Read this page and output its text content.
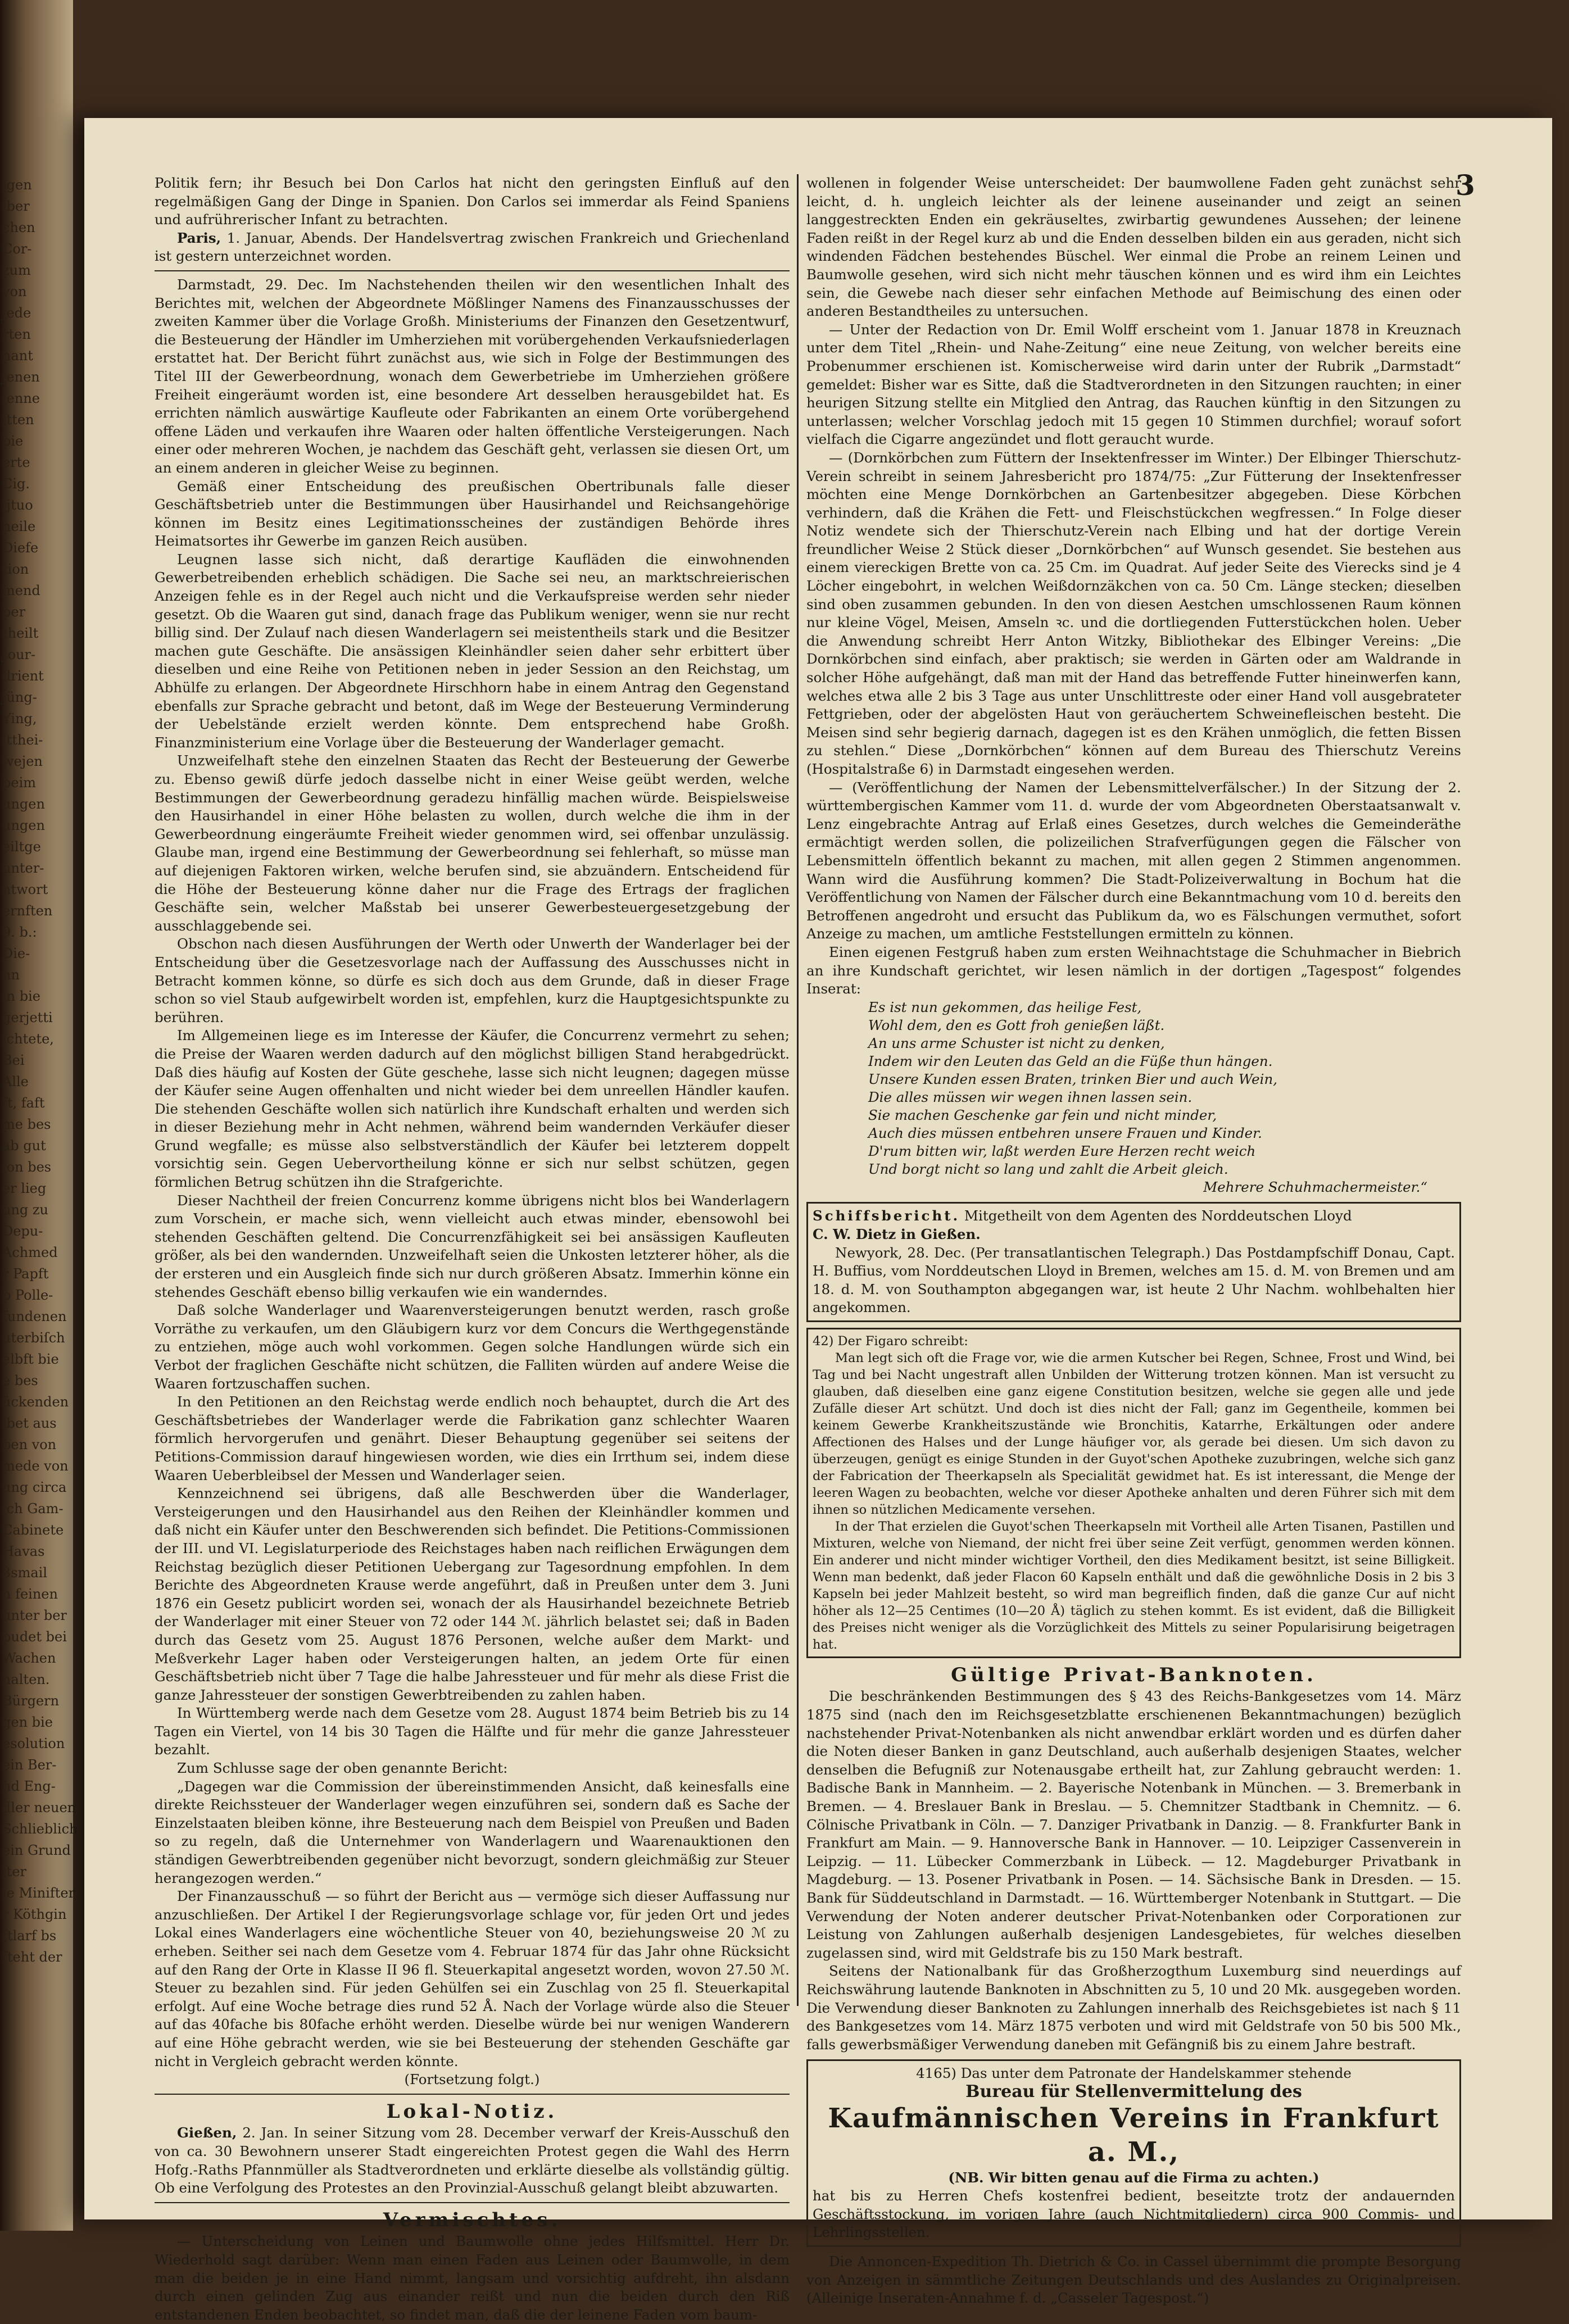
igen
iber
chen
Cor-
zum
von
jede
rten
nant
jenen
ienne
itten
bie
erte
Cig.
ijtuo
heile
Diefe
tion
mend
ber
theilt
Jour-
drient
jüng-
Ying,
itthei-
wejen
beim
ungen
ungen
eiltge
unter-
ntwort
ernften
9. b.:
Die-
nn
in bie
gerjetti
ichtete,
Bei
Alle
ft, faft
me bes
ab gut
ion bes
er lieg
ung zu
Depu-
Achmed
r Papft
b Polle-
fundenen
uterbiſch
elbft bie
e bes
ückenden
ibet aus
ben von
mede von
ung circa
ich Gam-
Cabinete
Havas
3smail
n feinen
unter ber
pudet bei
Wachen
halten.
Bürgern
gen bie
esolution
ein Ber-
nd Eng-
dler neuen
Schlieblich
ein Grund
iter
ie Minifter
r Köthgin
ftlarf bs
fteht der
3

Politik fern; ihr Besuch bei Don Carlos hat nicht den geringsten Einfluß auf den regelmäßigen Gang der Dinge in Spanien. Don Carlos sei immerdar als Feind Spaniens und aufrührerischer Infant zu betrachten.

Paris, 1. Januar, Abends. Der Handelsvertrag zwischen Frankreich und Griechenland ist gestern unterzeichnet worden.

Darmstadt, 29. Dec. Im Nachstehenden theilen wir den wesentlichen Inhalt des Berichtes mit, welchen der Abgeordnete Mößlinger Namens des Finanzausschusses der zweiten Kammer über die Vorlage Großh. Ministeriums der Finanzen den Gesetzentwurf, die Besteuerung der Händler im Umherziehen mit vorübergehenden Verkaufsniederlagen erstattet hat. Der Bericht führt zunächst aus, wie sich in Folge der Bestimmungen des Titel III der Gewerbeordnung, wonach dem Gewerbetriebe im Umherziehen größere Freiheit eingeräumt worden ist, eine besondere Art desselben herausgebildet hat. Es errichten nämlich auswärtige Kaufleute oder Fabrikanten an einem Orte vorübergehend offene Läden und verkaufen ihre Waaren oder halten öffentliche Versteigerungen. Nach einer oder mehreren Wochen, je nachdem das Geschäft geht, verlassen sie diesen Ort, um an einem anderen in gleicher Weise zu beginnen.

Gemäß einer Entscheidung des preußischen Obertribunals falle dieser Geschäftsbetrieb unter die Bestimmungen über Hausirhandel und Reichsangehörige können im Besitz eines Legitimationsscheines der zuständigen Behörde ihres Heimatsortes ihr Gewerbe im ganzen Reich ausüben.

Leugnen lasse sich nicht, daß derartige Kaufläden die einwohnenden Gewerbetreibenden erheblich schädigen. Die Sache sei neu, an marktschreierischen Anzeigen fehle es in der Regel auch nicht und die Verkaufspreise werden sehr nieder gesetzt. Ob die Waaren gut sind, danach frage das Publikum weniger, wenn sie nur recht billig sind. Der Zulauf nach diesen Wanderlagern sei meistentheils stark und die Besitzer machen gute Geschäfte. Die ansässigen Kleinhändler seien daher sehr erbittert über dieselben und eine Reihe von Petitionen neben in jeder Session an den Reichstag, um Abhülfe zu erlangen. Der Abgeordnete Hirschhorn habe in einem Antrag den Gegenstand ebenfalls zur Sprache gebracht und betont, daß im Wege der Besteuerung Verminderung der Uebelstände erzielt werden könnte. Dem entsprechend habe Großh. Finanzministerium eine Vorlage über die Besteuerung der Wanderlager gemacht.

Unzweifelhaft stehe den einzelnen Staaten das Recht der Besteuerung der Gewerbe zu. Ebenso gewiß dürfe jedoch dasselbe nicht in einer Weise geübt werden, welche Bestimmungen der Gewerbeordnung geradezu hinfällig machen würde. Beispielsweise den Hausirhandel in einer Höhe belasten zu wollen, durch welche die ihm in der Gewerbeordnung eingeräumte Freiheit wieder genommen wird, sei offenbar unzulässig. Glaube man, irgend eine Bestimmung der Gewerbeordnung sei fehlerhaft, so müsse man auf diejenigen Faktoren wirken, welche berufen sind, sie abzuändern. Entscheidend für die Höhe der Besteuerung könne daher nur die Frage des Ertrags der fraglichen Geschäfte sein, welcher Maßstab bei unserer Gewerbesteuergesetzgebung der ausschlaggebende sei.

Obschon nach diesen Ausführungen der Werth oder Unwerth der Wanderlager bei der Entscheidung über die Gesetzesvorlage nach der Auffassung des Ausschusses nicht in Betracht kommen könne, so dürfe es sich doch aus dem Grunde, daß in dieser Frage schon so viel Staub aufgewirbelt worden ist, empfehlen, kurz die Hauptgesichtspunkte zu berühren.

Im Allgemeinen liege es im Interesse der Käufer, die Concurrenz vermehrt zu sehen; die Preise der Waaren werden dadurch auf den möglichst billigen Stand herabgedrückt. Daß dies häufig auf Kosten der Güte geschehe, lasse sich nicht leugnen; dagegen müsse der Käufer seine Augen offenhalten und nicht wieder bei dem unreellen Händler kaufen. Die stehenden Geschäfte wollen sich natürlich ihre Kundschaft erhalten und werden sich in dieser Beziehung mehr in Acht nehmen, während beim wandernden Verkäufer dieser Grund wegfalle; es müsse also selbstverständlich der Käufer bei letzterem doppelt vorsichtig sein. Gegen Uebervortheilung könne er sich nur selbst schützen, gegen förmlichen Betrug schützen ihn die Strafgerichte.

Dieser Nachtheil der freien Concurrenz komme übrigens nicht blos bei Wanderlagern zum Vorschein, er mache sich, wenn vielleicht auch etwas minder, ebensowohl bei stehenden Geschäften geltend. Die Concurrenzfähigkeit sei bei ansässigen Kaufleuten größer, als bei den wandernden. Unzweifelhaft seien die Unkosten letzterer höher, als die der ersteren und ein Ausgleich finde sich nur durch größeren Absatz. Immerhin könne ein stehendes Geschäft ebenso billig verkaufen wie ein wanderndes.

Daß solche Wanderlager und Waarenversteigerungen benutzt werden, rasch große Vorräthe zu verkaufen, um den Gläubigern kurz vor dem Concurs die Werthgegenstände zu entziehen, möge auch wohl vorkommen. Gegen solche Handlungen würde sich ein Verbot der fraglichen Geschäfte nicht schützen, die Falliten würden auf andere Weise die Waaren fortzuschaffen suchen.

In den Petitionen an den Reichstag werde endlich noch behauptet, durch die Art des Geschäftsbetriebes der Wanderlager werde die Fabrikation ganz schlechter Waaren förmlich hervorgerufen und genährt. Dieser Behauptung gegenüber sei seitens der Petitions-Commission darauf hingewiesen worden, wie dies ein Irrthum sei, indem diese Waaren Ueberbleibsel der Messen und Wanderlager seien.

Kennzeichnend sei übrigens, daß alle Beschwerden über die Wanderlager, Versteigerungen und den Hausirhandel aus den Reihen der Kleinhändler kommen und daß nicht ein Käufer unter den Beschwerenden sich befindet. Die Petitions-Commissionen der III. und VI. Legislaturperiode des Reichstages haben nach reiflichen Erwägungen dem Reichstag bezüglich dieser Petitionen Uebergang zur Tagesordnung empfohlen. In dem Berichte des Abgeordneten Krause werde angeführt, daß in Preußen unter dem 3. Juni 1876 ein Gesetz publicirt worden sei, wonach der als Hausirhandel bezeichnete Betrieb der Wanderlager mit einer Steuer von 72 oder 144 ℳ. jährlich belastet sei; daß in Baden durch das Gesetz vom 25. August 1876 Personen, welche außer dem Markt- und Meßverkehr Lager haben oder Versteigerungen halten, an jedem Orte für einen Geschäftsbetrieb nicht über 7 Tage die halbe Jahressteuer und für mehr als diese Frist die ganze Jahressteuer der sonstigen Gewerbtreibenden zu zahlen haben.

In Württemberg werde nach dem Gesetze vom 28. August 1874 beim Betrieb bis zu 14 Tagen ein Viertel, von 14 bis 30 Tagen die Hälfte und für mehr die ganze Jahressteuer bezahlt.

Zum Schlusse sage der oben genannte Bericht:

„Dagegen war die Commission der übereinstimmenden Ansicht, daß keinesfalls eine direkte Reichssteuer der Wanderlager wegen einzuführen sei, sondern daß es Sache der Einzelstaaten bleiben könne, ihre Besteuerung nach dem Beispiel von Preußen und Baden so zu regeln, daß die Unternehmer von Wanderlagern und Waarenauktionen den ständigen Gewerbtreibenden gegenüber nicht bevorzugt, sondern gleichmäßig zur Steuer herangezogen werden.“

Der Finanzausschuß — so führt der Bericht aus — vermöge sich dieser Auffassung nur anzuschließen. Der Artikel I der Regierungsvorlage schlage vor, für jeden Ort und jedes Lokal eines Wanderlagers eine wöchentliche Steuer von 40, beziehungsweise 20 ℳ zu erheben. Seither sei nach dem Gesetze vom 4. Februar 1874 für das Jahr ohne Rücksicht auf den Rang der Orte in Klasse II 96 fl. Steuerkapital angesetzt worden, wovon 27.50 ℳ. Steuer zu bezahlen sind. Für jeden Gehülfen sei ein Zuschlag von 25 fl. Steuerkapital erfolgt. Auf eine Woche betrage dies rund 52 Å. Nach der Vorlage würde also die Steuer auf das 40fache bis 80fache erhöht werden. Dieselbe würde bei nur wenigen Wanderern auf eine Höhe gebracht werden, wie sie bei Besteuerung der stehenden Geschäfte gar nicht in Vergleich gebracht werden könnte.

(Fortsetzung folgt.)
Lokal-Notiz.

Gießen, 2. Jan. In seiner Sitzung vom 28. December verwarf der Kreis-Ausschuß den von ca. 30 Bewohnern unserer Stadt eingereichten Protest gegen die Wahl des Herrn Hofg.-Raths Pfannmüller als Stadtverordneten und erklärte dieselbe als vollständig gültig. Ob eine Verfolgung des Protestes an den Provinzial-Ausschuß gelangt bleibt abzuwarten.

Vermischtes.

— Unterscheidung von Leinen und Baumwolle ohne jedes Hilfsmittel. Herr Dr. Wiederhold sagt darüber: Wenn man einen Faden aus Leinen oder Baumwolle, in dem man die beiden je in eine Hand nimmt, langsam und vorsichtig aufdreht, ihn alsdann durch einen gelinden Zug aus einander reißt und nun die beiden durch den Riß entstandenen Enden beobachtet, so findet man, daß die der leinene Faden vom baum-

wollenen in folgender Weise unterscheidet: Der baumwollene Faden geht zunächst sehr leicht, d. h. ungleich leichter als der leinene auseinander und zeigt an seinen langgestreckten Enden ein gekräuseltes, zwirbartig gewundenes Aussehen; der leinene Faden reißt in der Regel kurz ab und die Enden desselben bilden ein aus geraden, nicht sich windenden Fädchen bestehendes Büschel. Wer einmal die Probe an reinem Leinen und Baumwolle gesehen, wird sich nicht mehr täuschen können und es wird ihm ein Leichtes sein, die Gewebe nach dieser sehr einfachen Methode auf Beimischung des einen oder anderen Bestandtheiles zu untersuchen.

— Unter der Redaction von Dr. Emil Wolff erscheint vom 1. Januar 1878 in Kreuznach unter dem Titel „Rhein- und Nahe-Zeitung“ eine neue Zeitung, von welcher bereits eine Probenummer erschienen ist. Komischerweise wird darin unter der Rubrik „Darmstadt“ gemeldet: Bisher war es Sitte, daß die Stadtverordneten in den Sitzungen rauchten; in einer heurigen Sitzung stellte ein Mitglied den Antrag, das Rauchen künftig in den Sitzungen zu unterlassen; welcher Vorschlag jedoch mit 15 gegen 10 Stimmen durchfiel; worauf sofort vielfach die Cigarre angezündet und flott geraucht wurde.

— (Dornkörbchen zum Füttern der Insektenfresser im Winter.) Der Elbinger Thierschutz-Verein schreibt in seinem Jahresbericht pro 1874/75: „Zur Fütterung der Insektenfresser möchten eine Menge Dornkörbchen an Gartenbesitzer abgegeben. Diese Körbchen verhindern, daß die Krähen die Fett- und Fleischstückchen wegfressen.“ In Folge dieser Notiz wendete sich der Thierschutz-Verein nach Elbing und hat der dortige Verein freundlicher Weise 2 Stück dieser „Dornkörbchen“ auf Wunsch gesendet. Sie bestehen aus einem viereckigen Brette von ca. 25 Cm. im Quadrat. Auf jeder Seite des Vierecks sind je 4 Löcher eingebohrt, in welchen Weißdornzäkchen von ca. 50 Cm. Länge stecken; dieselben sind oben zusammen gebunden. In den von diesen Aestchen umschlossenen Raum können nur kleine Vögel, Meisen, Amseln ꝛc. und die dortliegenden Futterstückchen holen. Ueber die Anwendung schreibt Herr Anton Witzky, Bibliothekar des Elbinger Vereins: „Die Dornkörbchen sind einfach, aber praktisch; sie werden in Gärten oder am Waldrande in solcher Höhe aufgehängt, daß man mit der Hand das betreffende Futter hineinwerfen kann, welches etwa alle 2 bis 3 Tage aus unter Unschlittreste oder einer Hand voll ausgebrateter Fettgrieben, oder der abgelösten Haut von geräuchertem Schweinefleischen besteht. Die Meisen sind sehr begierig darnach, dagegen ist es den Krähen unmöglich, die fetten Bissen zu stehlen.“ Diese „Dornkörbchen“ können auf dem Bureau des Thierschutz Vereins (Hospitalstraße 6) in Darmstadt eingesehen werden.

— (Veröffentlichung der Namen der Lebensmittelverfälscher.) In der Sitzung der 2. württembergischen Kammer vom 11. d. wurde der vom Abgeordneten Oberstaatsanwalt v. Lenz eingebrachte Antrag auf Erlaß eines Gesetzes, durch welches die Gemeinderäthe ermächtigt werden sollen, die polizeilichen Strafverfügungen gegen die Fälscher von Lebensmitteln öffentlich bekannt zu machen, mit allen gegen 2 Stimmen angenommen. Wann wird die Ausführung kommen? Die Stadt-Polizeiverwaltung in Bochum hat die Veröffentlichung von Namen der Fälscher durch eine Bekanntmachung vom 10 d. bereits den Betroffenen angedroht und ersucht das Publikum da, wo es Fälschungen vermuthet, sofort Anzeige zu machen, um amtliche Feststellungen ermitteln zu können.

Einen eigenen Festgruß haben zum ersten Weihnachtstage die Schuhmacher in Biebrich an ihre Kundschaft gerichtet, wir lesen nämlich in der dortigen „Tagespost“ folgendes Inserat:

Es ist nun gekommen, das heilige Fest,
Wohl dem, den es Gott froh genießen läßt.
An uns arme Schuster ist nicht zu denken,
Indem wir den Leuten das Geld an die Füße thun hängen.
Unsere Kunden essen Braten, trinken Bier und auch Wein,
Die alles müssen wir wegen ihnen lassen sein.
Sie machen Geschenke gar fein und nicht minder,
Auch dies müssen entbehren unsere Frauen und Kinder.
D'rum bitten wir, laßt werden Eure Herzen recht weich
Und borgt nicht so lang und zahlt die Arbeit gleich.
Mehrere Schuhmachermeister.“
Schiffsbericht. Mitgetheilt von dem Agenten des Norddeutschen Lloyd
C. W. Dietz in Gießen.

Newyork, 28. Dec. (Per transatlantischen Telegraph.) Das Postdampfschiff Donau, Capt. H. Buffius, vom Norddeutschen Lloyd in Bremen, welches am 15. d. M. von Bremen und am 18. d. M. von Southampton abgegangen war, ist heute 2 Uhr Nachm. wohlbehalten hier angekommen.

42) Der Figaro schreibt:

Man legt sich oft die Frage vor, wie die armen Kutscher bei Regen, Schnee, Frost und Wind, bei Tag und bei Nacht ungestraft allen Unbilden der Witterung trotzen können. Man ist versucht zu glauben, daß dieselben eine ganz eigene Constitution besitzen, welche sie gegen alle und jede Zufälle dieser Art schützt. Und doch ist dies nicht der Fall; ganz im Gegentheile, kommen bei keinem Gewerbe Krankheitszustände wie Bronchitis, Katarrhe, Erkältungen oder andere Affectionen des Halses und der Lunge häufiger vor, als gerade bei diesen. Um sich davon zu überzeugen, genügt es einige Stunden in der Guyot'schen Apotheke zuzubringen, welche sich ganz der Fabrication der Theerkapseln als Specialität gewidmet hat. Es ist interessant, die Menge der leeren Wagen zu beobachten, welche vor dieser Apotheke anhalten und deren Führer sich mit dem ihnen so nützlichen Medicamente versehen.

In der That erzielen die Guyot'schen Theerkapseln mit Vortheil alle Arten Tisanen, Pastillen und Mixturen, welche von Niemand, der nicht frei über seine Zeit verfügt, genommen werden können. Ein anderer und nicht minder wichtiger Vortheil, den dies Medikament besitzt, ist seine Billigkeit. Wenn man bedenkt, daß jeder Flacon 60 Kapseln enthält und daß die gewöhnliche Dosis in 2 bis 3 Kapseln bei jeder Mahlzeit besteht, so wird man begreiflich finden, daß die ganze Cur auf nicht höher als 12—25 Centimes (10—20 Å) täglich zu stehen kommt. Es ist evident, daß die Billigkeit des Preises nicht weniger als die Vorzüglichkeit des Mittels zu seiner Popularisirung beigetragen hat.

Gültige Privat-Banknoten.

Die beschränkenden Bestimmungen des § 43 des Reichs-Bankgesetzes vom 14. März 1875 sind (nach den im Reichsgesetzblatte erschienenen Bekanntmachungen) bezüglich nachstehender Privat-Notenbanken als nicht anwendbar erklärt worden und es dürfen daher die Noten dieser Banken in ganz Deutschland, auch außerhalb desjenigen Staates, welcher denselben die Befugniß zur Notenausgabe ertheilt hat, zur Zahlung gebraucht werden: 1. Badische Bank in Mannheim. — 2. Bayerische Notenbank in München. — 3. Bremerbank in Bremen. — 4. Breslauer Bank in Breslau. — 5. Chemnitzer Stadtbank in Chemnitz. — 6. Cölnische Privatbank in Cöln. — 7. Danziger Privatbank in Danzig. — 8. Frankfurter Bank in Frankfurt am Main. — 9. Hannoversche Bank in Hannover. — 10. Leipziger Cassenverein in Leipzig. — 11. Lübecker Commerzbank in Lübeck. — 12. Magdeburger Privatbank in Magdeburg. — 13. Posener Privatbank in Posen. — 14. Sächsische Bank in Dresden. — 15. Bank für Süddeutschland in Darmstadt. — 16. Württemberger Notenbank in Stuttgart. — Die Verwendung der Noten anderer deutscher Privat-Notenbanken oder Corporationen zur Leistung von Zahlungen außerhalb desjenigen Landesgebietes, für welches dieselben zugelassen sind, wird mit Geldstrafe bis zu 150 Mark bestraft.

Seitens der Nationalbank für das Großherzogthum Luxemburg sind neuerdings auf Reichswährung lautende Banknoten in Abschnitten zu 5, 10 und 20 Mk. ausgegeben worden. Die Verwendung dieser Banknoten zu Zahlungen innerhalb des Reichsgebietes ist nach § 11 des Bankgesetzes vom 14. März 1875 verboten und wird mit Geldstrafe von 50 bis 500 Mk., falls gewerbsmäßiger Verwendung daneben mit Gefängniß bis zu einem Jahre bestraft.

4165) Das unter dem Patronate der Handelskammer stehende
Bureau für Stellenvermittelung des
Kaufmännischen Vereins in Frankfurt a. M.,
(NB. Wir bitten genau auf die Firma zu achten.)
hat bis zu Herren Chefs kostenfrei bedient, beseitzte trotz der andauernden Geschäftsstockung, im vorigen Jahre (auch Nichtmitgliedern) circa 900 Commis- und Lehrlingsstellen.

Die Annoncen-Expedition Th. Dietrich & Co. in Cassel übernimmt die prompte Besorgung von Anzeigen in sämmtliche Zeitungen Deutschlands und des Auslandes zu Originalpreisen. (Alleinige Inseraten-Annahme f. d. „Casseler Tagespost.“)
